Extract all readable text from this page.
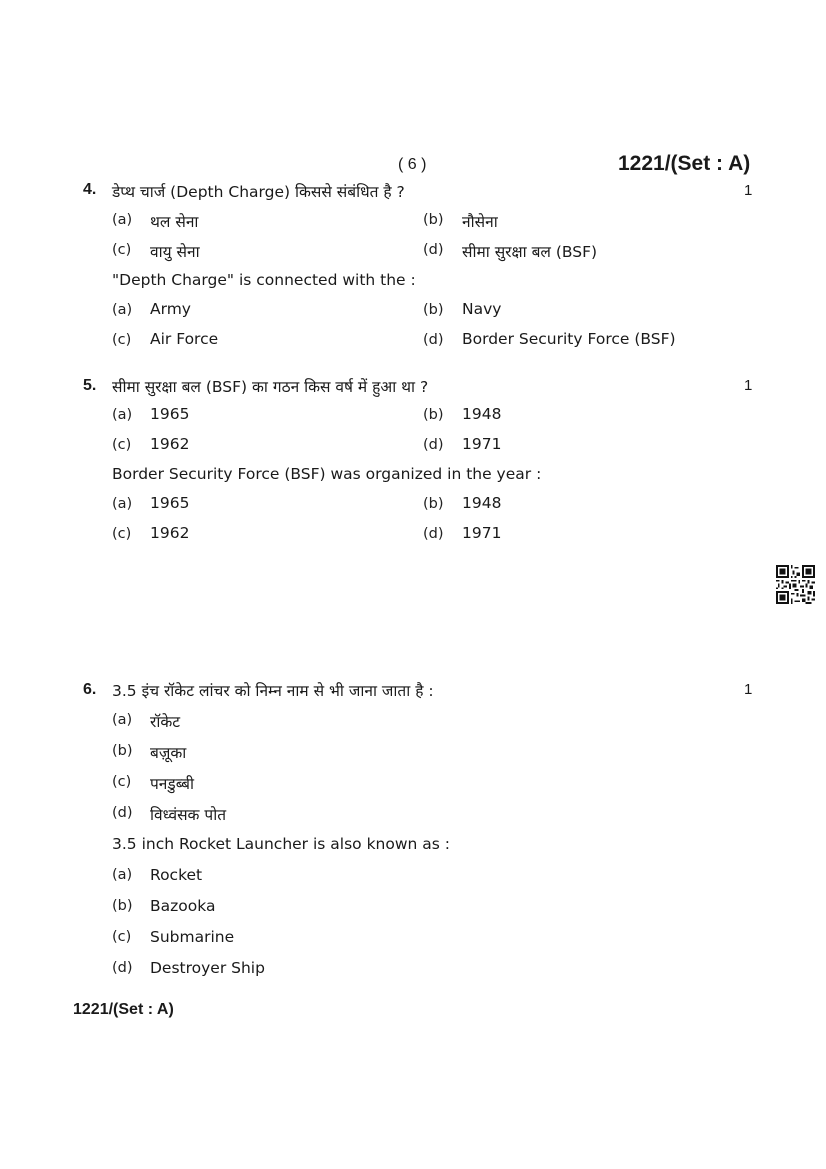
( 6 )	1221/(Set : A)
4. डेप्थ चार्ज (Depth Charge) किससे संबंधित है ?	1
(a) थल सेना	(b) नौसेना
(c) वायु सेना	(d) सीमा सुरक्षा बल (BSF)
"Depth Charge" is connected with the :
(a) Army	(b) Navy
(c) Air Force	(d) Border Security Force (BSF)
5. सीमा सुरक्षा बल (BSF) का गठन किस वर्ष में हुआ था ?	1
(a) 1965	(b) 1948
(c) 1962	(d) 1971
Border Security Force (BSF) was organized in the year :
(a) 1965	(b) 1948
(c) 1962	(d) 1971
6. 3.5 इंच रॉकेट लांचर को निम्न नाम से भी जाना जाता है :	1
(a) रॉकेट
(b) बज़ूका
(c) पनडुब्बी
(d) विध्वंसक पोत
3.5 inch Rocket Launcher is also known as :
(a) Rocket
(b) Bazooka
(c) Submarine
(d) Destroyer Ship
1221/(Set : A)
